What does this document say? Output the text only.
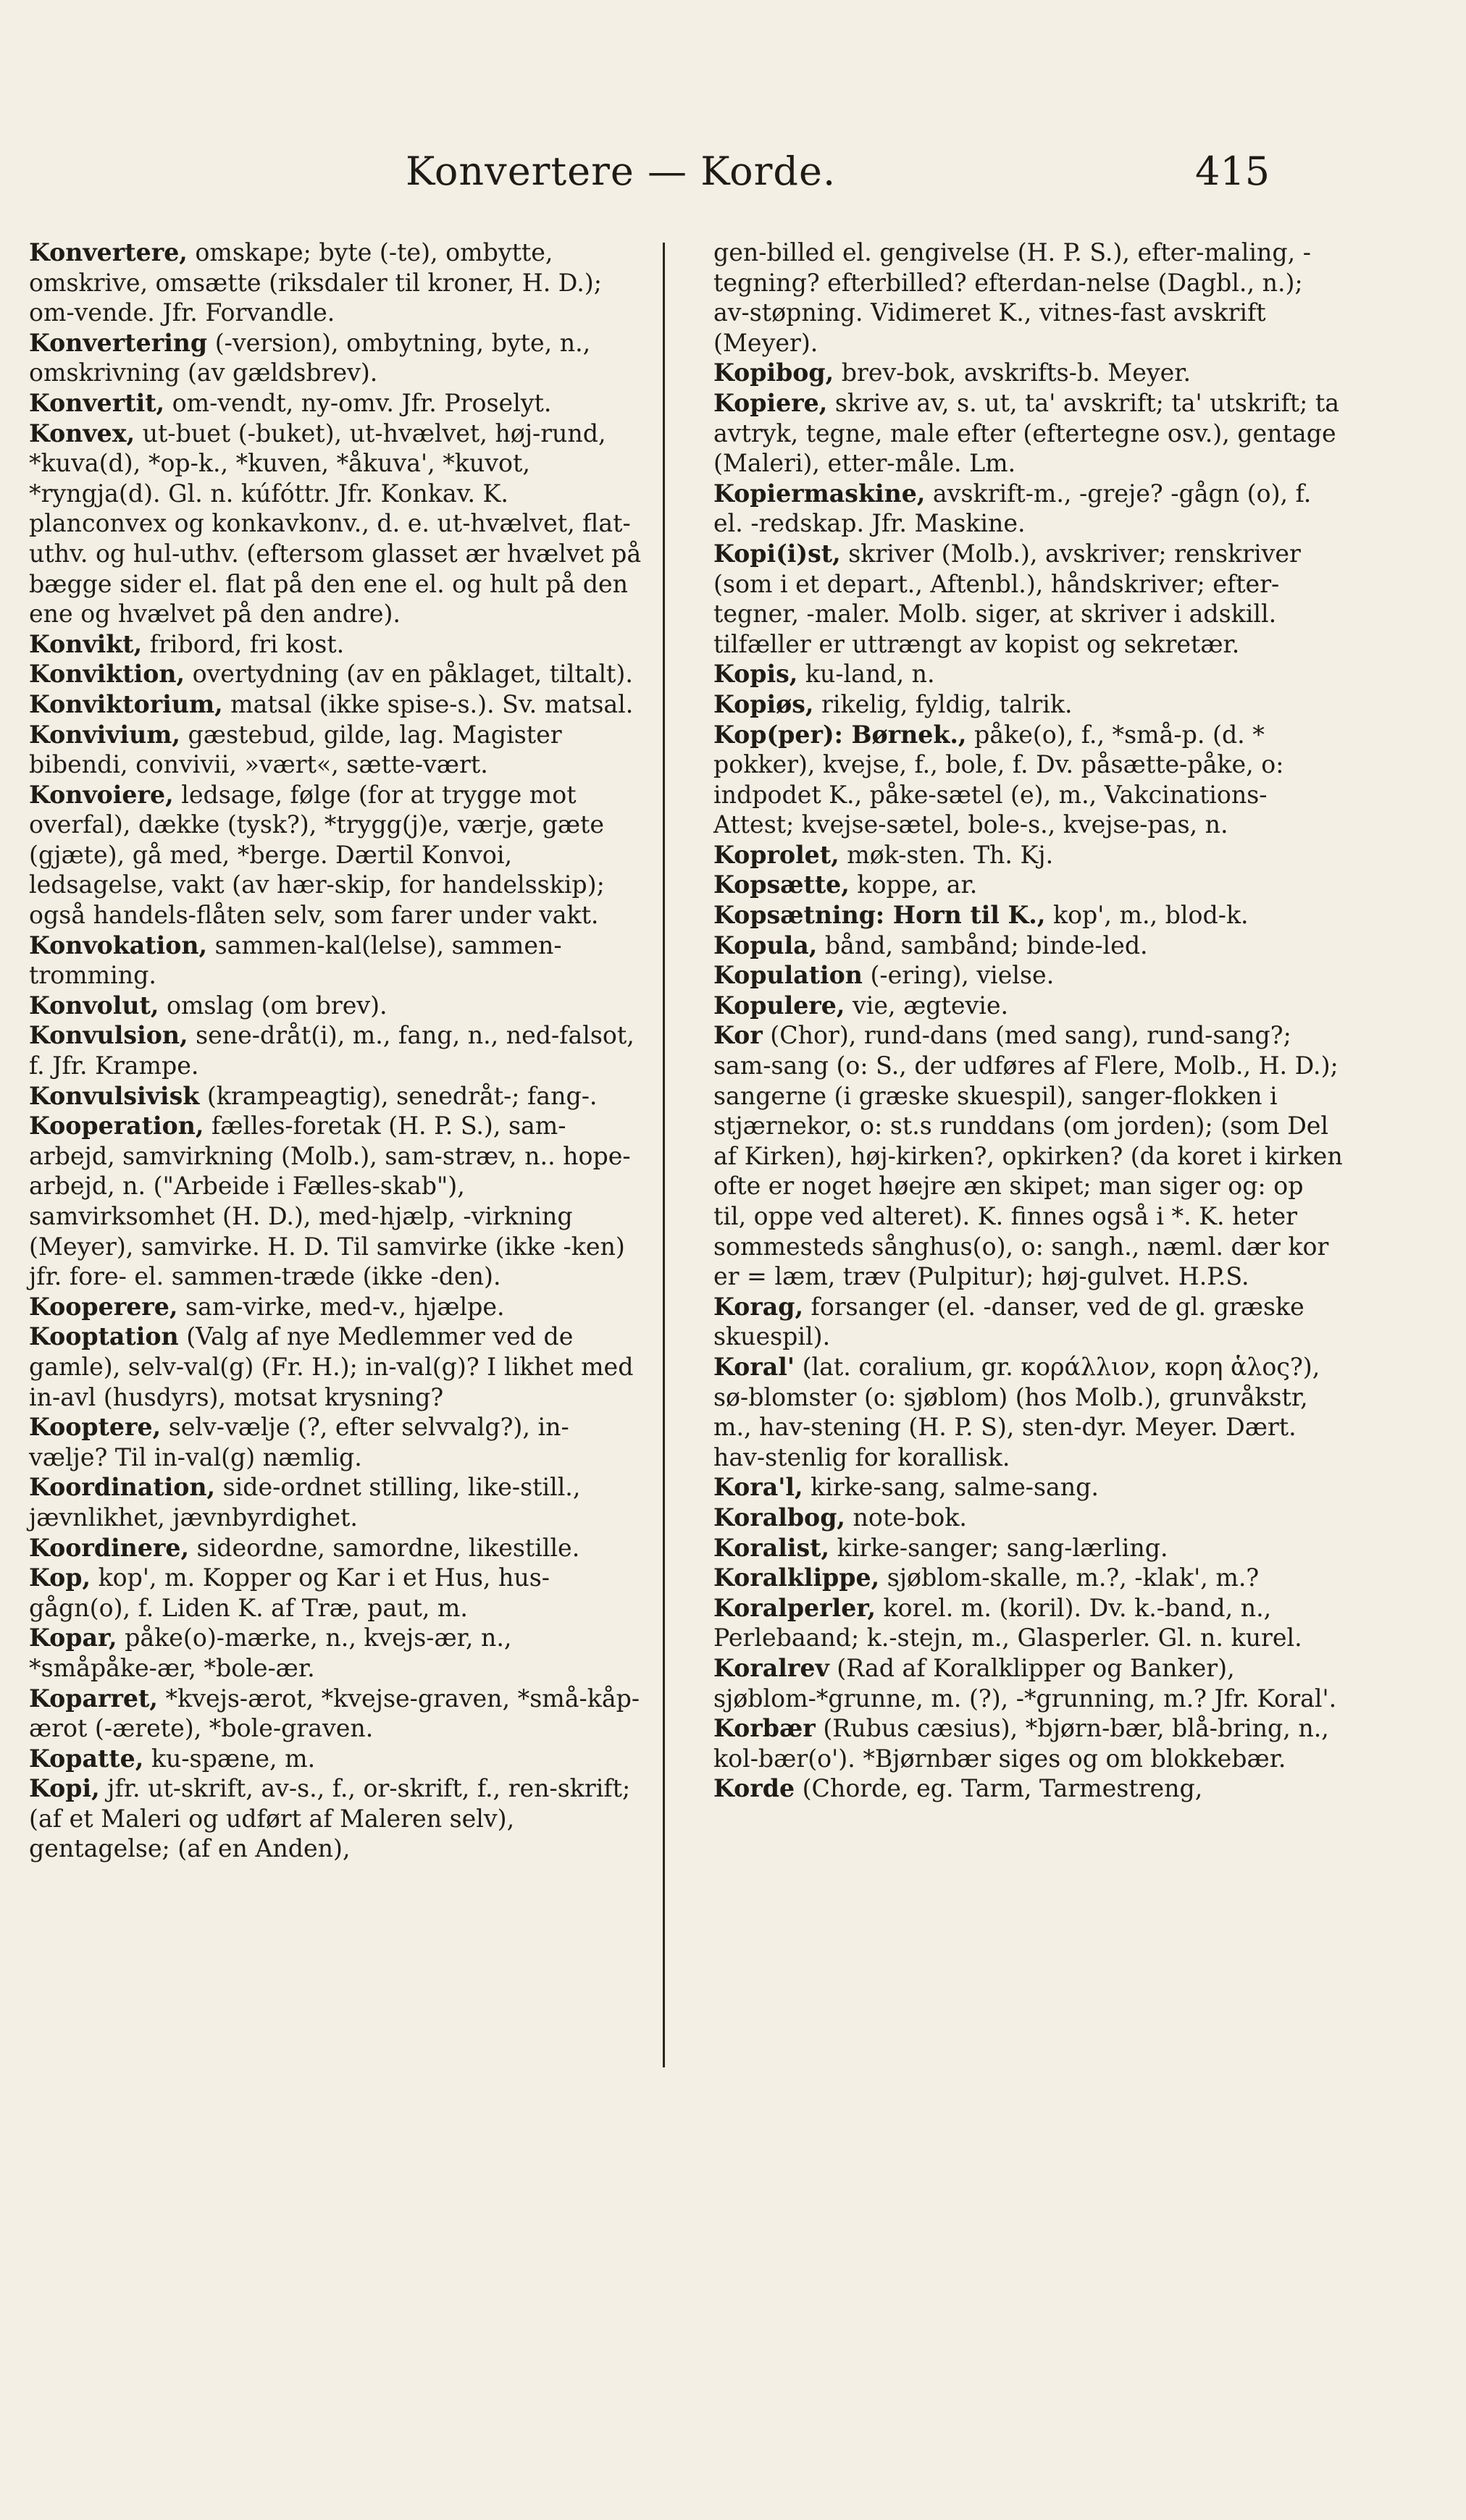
Konvertere — Korde.	415

Konvertere, omskape; byte (-te), ombytte, omskrive, omsætte (riksdaler til kroner, H. D.); om-vende. Jfr. Forvandle.

Konvertering (-version), ombytning, byte, n., omskrivning (av gældsbrev).

Konvertit, om-vendt, ny-omv. Jfr. Proselyt.

Konvex, ut-buet (-buket), ut-hvælvet, høj-rund, *kuva(d), *op-k., *kuven, *åkuva', *kuvot, *ryngja(d). Gl. n. kúfóttr. Jfr. Konkav. K. planconvex og konkavkonv., d. e. ut-hvælvet, flat-uthv. og hul-uthv. (eftersom glasset ær hvælvet på bægge sider el. flat på den ene el. og hult på den ene og hvælvet på den andre).

Konvikt, fribord, fri kost.

Konviktion, overtydning (av en påklaget, tiltalt).

Konviktorium, matsal (ikke spise-s.). Sv. matsal.

Konvivium, gæstebud, gilde, lag. Magister bibendi, convivii, »vært«, sætte-vært.

Konvoiere, ledsage, følge (for at trygge mot overfal), dække (tysk?), *trygg(j)e, værje, gæte (gjæte), gå med, *berge. Dærtil Konvoi, ledsagelse, vakt (av hær-skip, for handelsskip); også handels-flåten selv, som farer under vakt.

Konvokation, sammen-kal(lelse), sammen-tromming.

Konvolut, omslag (om brev).

Konvulsion, sene-dråt(i), m., fang, n., ned-falsot, f. Jfr. Krampe.

Konvulsivisk (krampeagtig), senedråt-; fang-.

Kooperation, fælles-foretak (H. P. S.), sam-arbejd, samvirkning (Molb.), sam-stræv, n.. hope-arbejd, n. ("Arbeide i Fælles-skab"), samvirksomhet (H. D.), med-hjælp, -virkning (Meyer), samvirke. H. D. Til samvirke (ikke -ken) jfr. fore- el. sammen-træde (ikke -den).

Kooperere, sam-virke, med-v., hjælpe.

Kooptation (Valg af nye Medlemmer ved de gamle), selv-val(g) (Fr. H.); in-val(g)? I likhet med in-avl (husdyrs), motsat krysning?

Kooptere, selv-vælje (?, efter selvvalg?), in-vælje? Til in-val(g) næmlig.

Koordination, side-ordnet stilling, like-still., jævnlikhet, jævnbyrdighet.

Koordinere, sideordne, samordne, likestille.

Kop, kop', m. Kopper og Kar i et Hus, hus-gågn(o), f. Liden K. af Træ, paut, m.

Kopar, påke(o)-mærke, n., kvejs-ær, n., *småpåke-ær, *bole-ær.

Koparret, *kvejs-ærot, *kvejse-graven, *små-kåp-ærot (-ærete), *bole-graven.

Kopatte, ku-spæne, m.

Kopi, jfr. ut-skrift, av-s., f., or-skrift, f., ren-skrift; (af et Maleri og udført af Maleren selv), gentagelse; (af en Anden),

gen-billed el. gengivelse (H. P. S.), efter-maling, -tegning? efterbilled? efterdan-nelse (Dagbl., n.); av-støpning. Vidimeret K., vitnes-fast avskrift (Meyer).

Kopibog, brev-bok, avskrifts-b. Meyer.

Kopiere, skrive av, s. ut, ta' avskrift; ta' utskrift; ta avtryk, tegne, male efter (eftertegne osv.), gentage (Maleri), etter-måle. Lm.

Kopiermaskine, avskrift-m., -greje? -gågn (o), f. el. -redskap. Jfr. Maskine.

Kopi(i)st, skriver (Molb.), avskriver; renskriver (som i et depart., Aftenbl.), håndskriver; efter-tegner, -maler. Molb. siger, at skriver i adskill. tilfæller er uttrængt av kopist og sekretær.

Kopis, ku-land, n.

Kopiøs, rikelig, fyldig, talrik.

Kop(per): Børnek., påke(o), f., *små-p. (d. * pokker), kvejse, f., bole, f. Dv. påsætte-påke, o: indpodet K., påke-sætel (e), m., Vakcinations-Attest; kvejse-sætel, bole-s., kvejse-pas, n.

Koprolet, møk-sten. Th. Kj.

Kopsætte, koppe, ar.

Kopsætning: Horn til K., kop', m., blod-k.

Kopula, bånd, sambånd; binde-led.

Kopulation (-ering), vielse.

Kopulere, vie, ægtevie.

Kor (Chor), rund-dans (med sang), rund-sang?; sam-sang (o: S., der udføres af Flere, Molb., H. D.); sangerne (i græske skuespil), sanger-flokken i stjærnekor, o: st.s runddans (om jorden); (som Del af Kirken), høj-kirken?, opkirken? (da koret i kirken ofte er noget høejre æn skipet; man siger og: op til, oppe ved alteret). K. finnes også i *. K. heter sommesteds sånghus(o), o: sangh., næml. dær kor er = læm, træv (Pulpitur); høj-gulvet. H.P.S.

Korag, forsanger (el. -danser, ved de gl. græske skuespil).

Koral' (lat. coralium, gr. κοράλλιον, κορη ἁλος?), sø-blomster (o: sjøblom) (hos Molb.), grunvåkstr, m., hav-stening (H. P. S), sten-dyr. Meyer. Dært. hav-stenlig for korallisk.

Kora'l, kirke-sang, salme-sang.

Koralbog, note-bok.

Koralist, kirke-sanger; sang-lærling.

Koralklippe, sjøblom-skalle, m.?, -klak', m.?

Koralperler, korel. m. (koril). Dv. k.-band, n., Perlebaand; k.-stejn, m., Glasperler. Gl. n. kurel.

Koralrev (Rad af Koralklipper og Banker), sjøblom-*grunne, m. (?), -*grunning, m.? Jfr. Koral'.

Korbær (Rubus cæsius), *bjørn-bær, blå-bring, n., kol-bær(o'). *Bjørnbær siges og om blokkebær.

Korde (Chorde, eg. Tarm, Tarmestreng,
